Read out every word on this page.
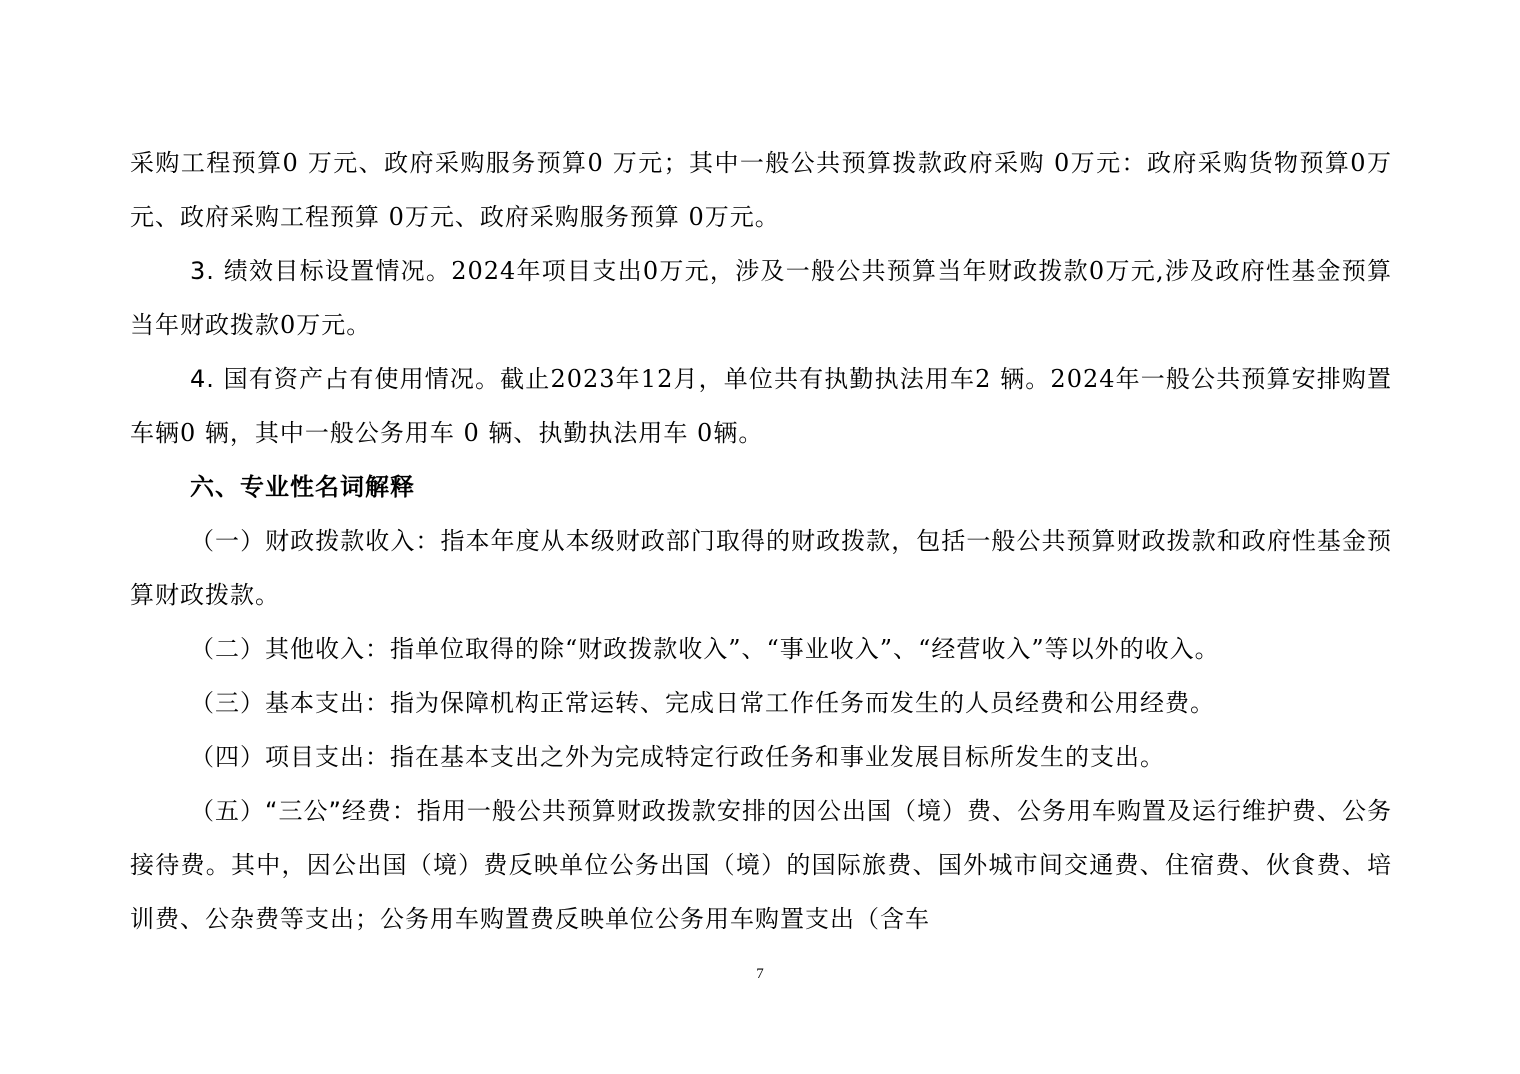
采购工程预算0 万元、政府采购服务预算0 万元；其中一般公共预算拨款政府采购 0万元：政府采购货物预算0万元、政府采购工程预算 0万元、政府采购服务预算 0万元。

3. 绩效目标设置情况。2024年项目支出0万元，涉及一般公共预算当年财政拨款0万元,涉及政府性基金预算当年财政拨款0万元。

4. 国有资产占有使用情况。截止2023年12月，单位共有执勤执法用车2 辆。2024年一般公共预算安排购置车辆0 辆，其中一般公务用车 0 辆、执勤执法用车 0辆。

六、专业性名词解释

（一）财政拨款收入：指本年度从本级财政部门取得的财政拨款，包括一般公共预算财政拨款和政府性基金预算财政拨款。

（二）其他收入：指单位取得的除“财政拨款收入”、“事业收入”、“经营收入”等以外的收入。

（三）基本支出：指为保障机构正常运转、完成日常工作任务而发生的人员经费和公用经费。

（四）项目支出：指在基本支出之外为完成特定行政任务和事业发展目标所发生的支出。

（五）“三公”经费：指用一般公共预算财政拨款安排的因公出国（境）费、公务用车购置及运行维护费、公务接待费。其中，因公出国（境）费反映单位公务出国（境）的国际旅费、国外城市间交通费、住宿费、伙食费、培训费、公杂费等支出；公务用车购置费反映单位公务用车购置支出（含车

7
